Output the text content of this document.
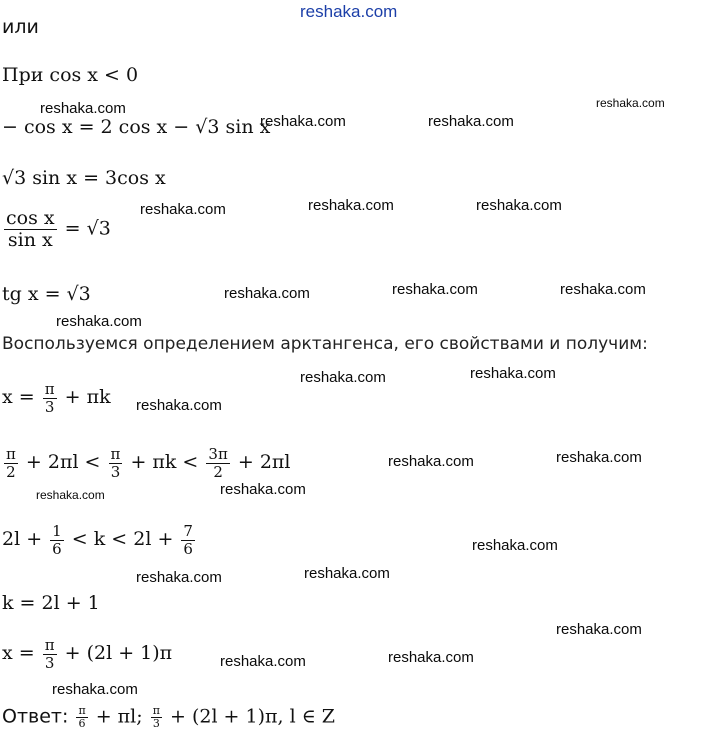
reshaka.com
reshaka.com	reshaka.com
reshaka.com	reshaka.com
reshaka.com	reshaka.com	reshaka.com
reshaka.com	reshaka.com	reshaka.com
reshaka.com
reshaka.com	reshaka.com
reshaka.com
reshaka.com	reshaka.com
reshaka.com	reshaka.com
reshaka.com
reshaka.com	reshaka.com
reshaka.com
reshaka.com	reshaka.com
reshaka.com
или
При cos x < 0
− cos x = 2 cos x − √3 sin x
√3 sin x = 3cos x
$\frac{\text{cos x}}{\text{sin x}} = √3$
tg x = √3
Воспользуемся определением арктангенса, его свойствами и получим:
$x = \frac{\pi}{3} + \pi k$
$\frac{\pi}{2} + 2\pi l < \frac{\pi}{3} + \pi k < \frac{3\pi}{2} + 2\pi l$
$2l + \frac{1}{6} < k < 2l + \frac{7}{6}$
k = 2l + 1
$x = \frac{\pi}{3} + (2l + 1)\pi$
Ответ: $\frac{\pi}{6} + \pi l$; $\frac{\pi}{3} + (2l + 1)\pi$, l ∈ Z
